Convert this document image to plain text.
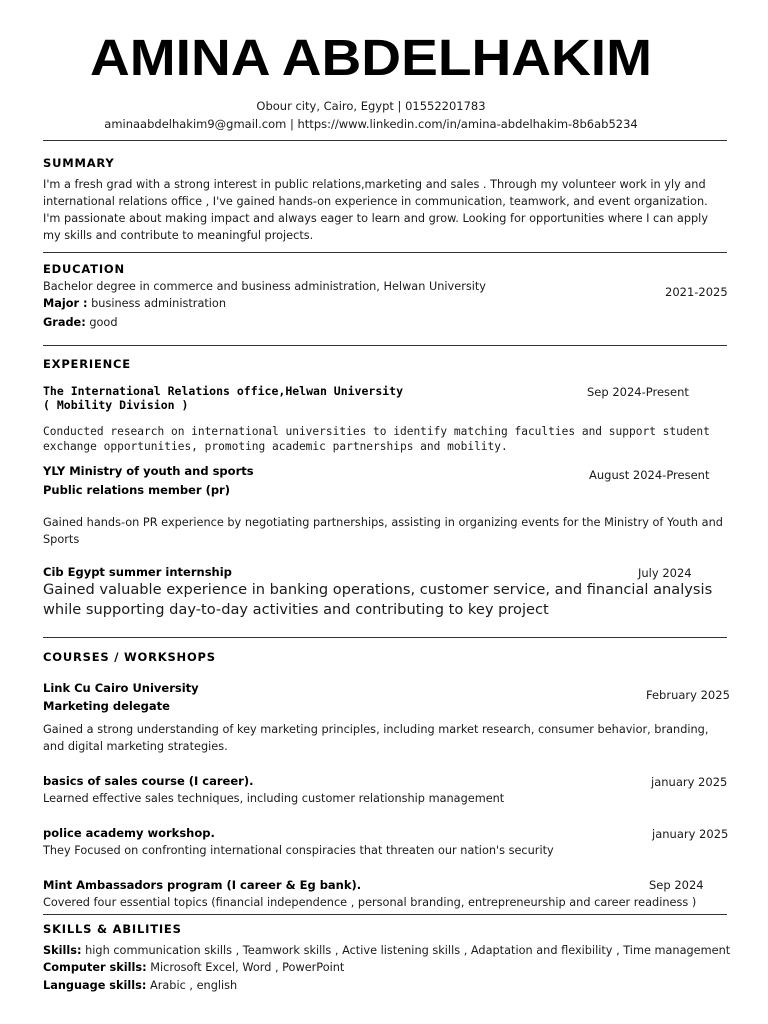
AMINA ABDELHAKIM
Obour city, Cairo, Egypt | 01552201783
aminaabdelhakim9@gmail.com | https://www.linkedin.com/in/amina-abdelhakim-8b6ab5234
SUMMARY
I'm a fresh grad with a strong interest in public relations,marketing and sales . Through my volunteer work in yly and international relations office , I've gained hands-on experience in communication, teamwork, and event organization. I'm passionate about making impact and always eager to learn and grow. Looking for opportunities where I can apply my skills and contribute to meaningful projects.
EDUCATION
Bachelor degree in commerce and business administration, Helwan University	2021-2025
Major : business administration
Grade: good
EXPERIENCE
The International Relations office,Helwan University
( Mobility Division )
Sep 2024-Present
Conducted research on international universities to identify matching faculties and support student exchange opportunities, promoting academic partnerships and mobility.
YLY Ministry of youth and sports
Public relations member (pr)
August 2024-Present
Gained hands-on PR experience by negotiating partnerships, assisting in organizing events for the Ministry of Youth and Sports
Cib Egypt summer internship	July 2024
Gained valuable experience in banking operations, customer service, and financial analysis while supporting day-to-day activities and contributing to key project
COURSES / WORKSHOPS
Link Cu Cairo University
Marketing delegate
February 2025
Gained a strong understanding of key marketing principles, including market research, consumer behavior, branding, and digital marketing strategies.
basics of sales course (I career).	january 2025
Learned effective sales techniques, including customer relationship management
police academy workshop.	january 2025
They Focused on confronting international conspiracies that threaten our nation's security
Mint Ambassadors program (I career & Eg bank).	Sep 2024
Covered four essential topics (financial independence , personal branding, entrepreneurship and career readiness )
SKILLS & ABILITIES
Skills: high communication skills , Teamwork skills , Active listening skills , Adaptation and flexibility , Time management
Computer skills: Microsoft Excel, Word , PowerPoint
Language skills: Arabic , english
